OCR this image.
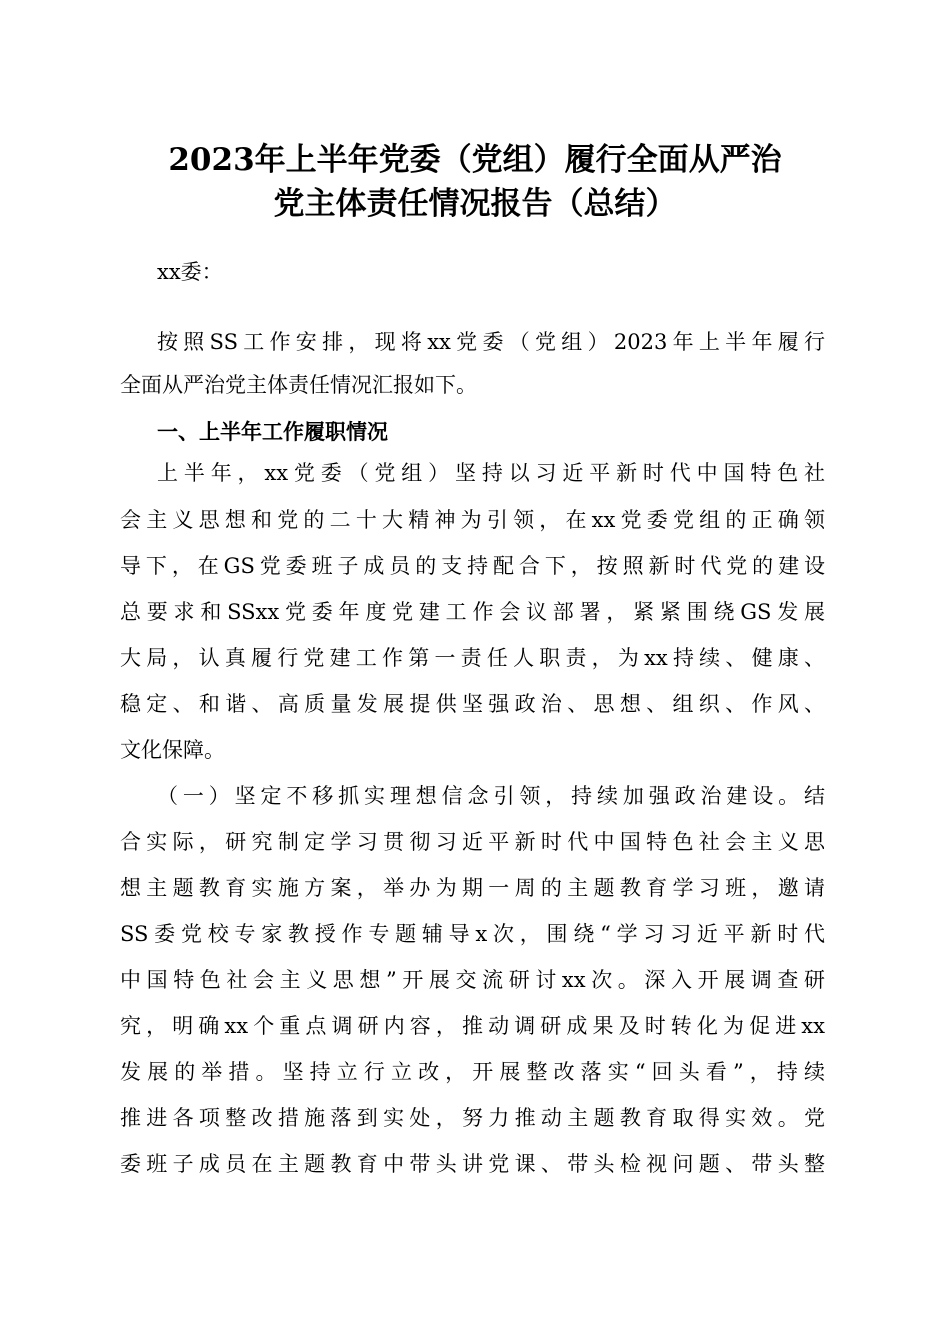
2023年上半年党委（党组）履行全面从严治
党主体责任情况报告（总结）
xx委：
按照SS工作安排，现将xx党委（党组）2023年上半年履行
全面从严治党主体责任情况汇报如下。
一、上半年工作履职情况
上半年，xx党委（党组）坚持以习近平新时代中国特色社
会主义思想和党的二十大精神为引领，在xx党委党组的正确领
导下，在GS党委班子成员的支持配合下，按照新时代党的建设
总要求和SSxx党委年度党建工作会议部署，紧紧围绕GS发展
大局，认真履行党建工作第一责任人职责，为xx持续、健康、
稳定、和谐、高质量发展提供坚强政治、思想、组织、作风、
文化保障。
（一）坚定不移抓实理想信念引领，持续加强政治建设。结
合实际，研究制定学习贯彻习近平新时代中国特色社会主义思
想主题教育实施方案，举办为期一周的主题教育学习班，邀请
SS委党校专家教授作专题辅导x次，围绕“学习习近平新时代
中国特色社会主义思想”开展交流研讨xx次。深入开展调查研
究，明确xx个重点调研内容，推动调研成果及时转化为促进xx
发展的举措。坚持立行立改，开展整改落实“回头看”，持续
推进各项整改措施落到实处，努力推动主题教育取得实效。党
委班子成员在主题教育中带头讲党课、带头检视问题、带头整
